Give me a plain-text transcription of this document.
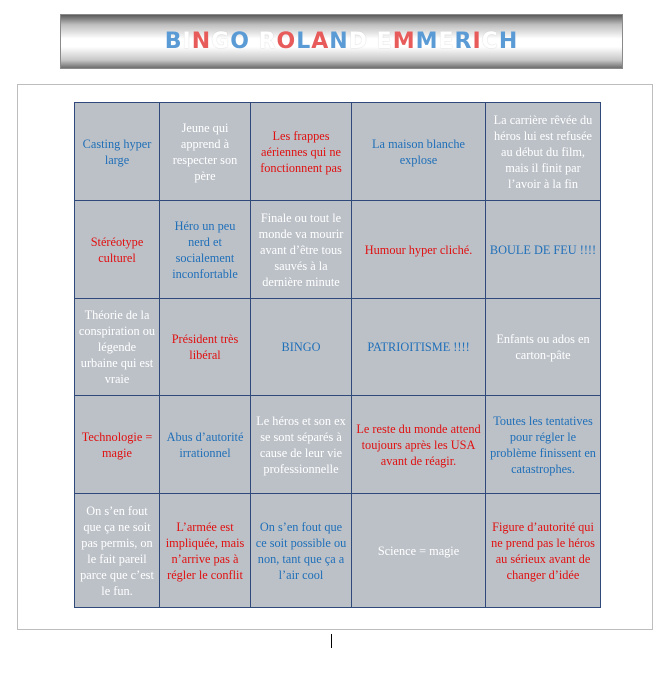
BINGO ROLAND EMMERICH
Casting hyper large	Jeune qui apprend à respecter son père	Les frappes aériennes qui ne fonctionnent pas	La maison blanche explose	La carrière rêvée du héros lui est refusée au début du film, mais il finit par l’avoir à la fin
Stéréotype culturel	Héro un peu nerd et socialement inconfortable	Finale ou tout le monde va mourir avant d’être tous sauvés à la dernière minute	Humour hyper cliché.	BOULE DE FEU !!!!
Théorie de la conspiration ou légende urbaine qui est vraie	Président très libéral	BINGO	PATRIOITISME !!!!	Enfants ou ados en carton-pâte
Technologie = magie	Abus d’autorité irrationnel	Le héros et son ex se sont séparés à cause de leur vie professionnelle	Le reste du monde attend toujours après les USA avant de réagir.	Toutes les tentatives pour régler le problème finissent en catastrophes.
On s’en fout que ça ne soit pas permis, on le fait pareil parce que c’est le fun.	L’armée est impliquée, mais n’arrive pas à régler le conflit	On s’en fout que ce soit possible ou non, tant que ça a l’air cool	Science = magie	Figure d’autorité qui ne prend pas le héros au sérieux avant de changer d’idée
